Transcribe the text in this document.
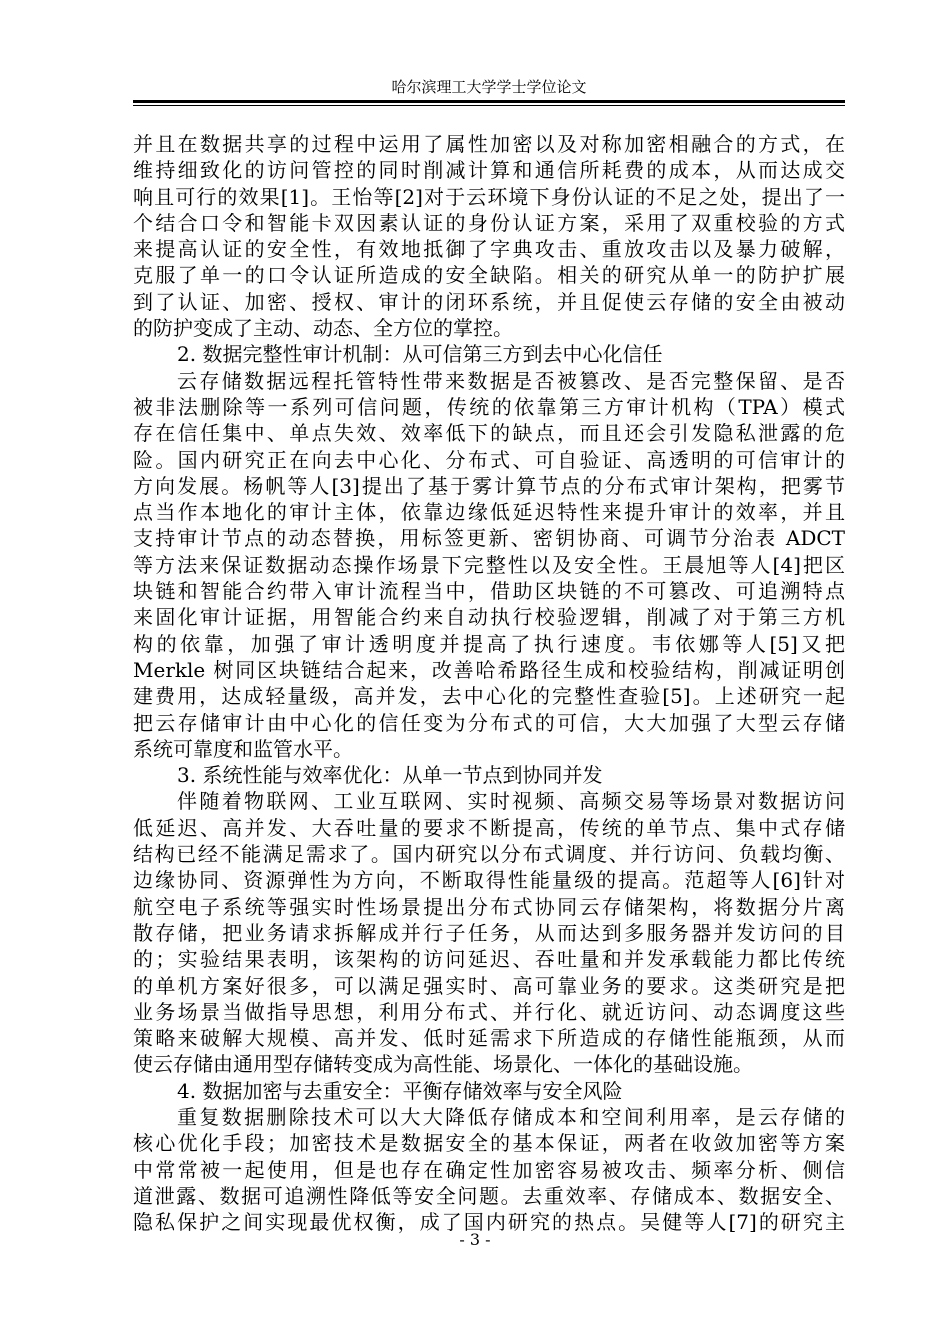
哈尔滨理工大学学士学位论文
并且在数据共享的过程中运用了属性加密以及对称加密相融合的方式，在
维持细致化的访问管控的同时削减计算和通信所耗费的成本，从而达成交
响且可行的效果[1]。王怡等[2]对于云环境下身份认证的不足之处，提出了一
个结合口令和智能卡双因素认证的身份认证方案，采用了双重校验的方式
来提高认证的安全性，有效地抵御了字典攻击、重放攻击以及暴力破解，
克服了单一的口令认证所造成的安全缺陷。相关的研究从单一的防护扩展
到了认证、加密、授权、审计的闭环系统，并且促使云存储的安全由被动
的防护变成了主动、动态、全方位的掌控。
2. 数据完整性审计机制：从可信第三方到去中心化信任
云存储数据远程托管特性带来数据是否被篡改、是否完整保留、是否
被非法删除等一系列可信问题，传统的依靠第三方审计机构（TPA）模式
存在信任集中、单点失效、效率低下的缺点，而且还会引发隐私泄露的危
险。国内研究正在向去中心化、分布式、可自验证、高透明的可信审计的
方向发展。杨帆等人[3]提出了基于雾计算节点的分布式审计架构，把雾节
点当作本地化的审计主体，依靠边缘低延迟特性来提升审计的效率，并且
支持审计节点的动态替换，用标签更新、密钥协商、可调节分治表 ADCT
等方法来保证数据动态操作场景下完整性以及安全性。王晨旭等人[4]把区
块链和智能合约带入审计流程当中，借助区块链的不可篡改、可追溯特点
来固化审计证据，用智能合约来自动执行校验逻辑，削减了对于第三方机
构的依靠，加强了审计透明度并提高了执行速度。韦依娜等人[5]又把
Merkle 树同区块链结合起来，改善哈希路径生成和校验结构，削减证明创
建费用，达成轻量级，高并发，去中心化的完整性查验[5]。上述研究一起
把云存储审计由中心化的信任变为分布式的可信，大大加强了大型云存储
系统可靠度和监管水平。
3. 系统性能与效率优化：从单一节点到协同并发
伴随着物联网、工业互联网、实时视频、高频交易等场景对数据访问
低延迟、高并发、大吞吐量的要求不断提高，传统的单节点、集中式存储
结构已经不能满足需求了。国内研究以分布式调度、并行访问、负载均衡、
边缘协同、资源弹性为方向，不断取得性能量级的提高。范超等人[6]针对
航空电子系统等强实时性场景提出分布式协同云存储架构，将数据分片离
散存储，把业务请求拆解成并行子任务，从而达到多服务器并发访问的目
的；实验结果表明，该架构的访问延迟、吞吐量和并发承载能力都比传统
的单机方案好很多，可以满足强实时、高可靠业务的要求。这类研究是把
业务场景当做指导思想，利用分布式、并行化、就近访问、动态调度这些
策略来破解大规模、高并发、低时延需求下所造成的存储性能瓶颈，从而
使云存储由通用型存储转变成为高性能、场景化、一体化的基础设施。
4. 数据加密与去重安全：平衡存储效率与安全风险
重复数据删除技术可以大大降低存储成本和空间利用率，是云存储的
核心优化手段；加密技术是数据安全的基本保证，两者在收敛加密等方案
中常常被一起使用，但是也存在确定性加密容易被攻击、频率分析、侧信
道泄露、数据可追溯性降低等安全问题。去重效率、存储成本、数据安全、
隐私保护之间实现最优权衡，成了国内研究的热点。吴健等人[7]的研究主
- 3 -
